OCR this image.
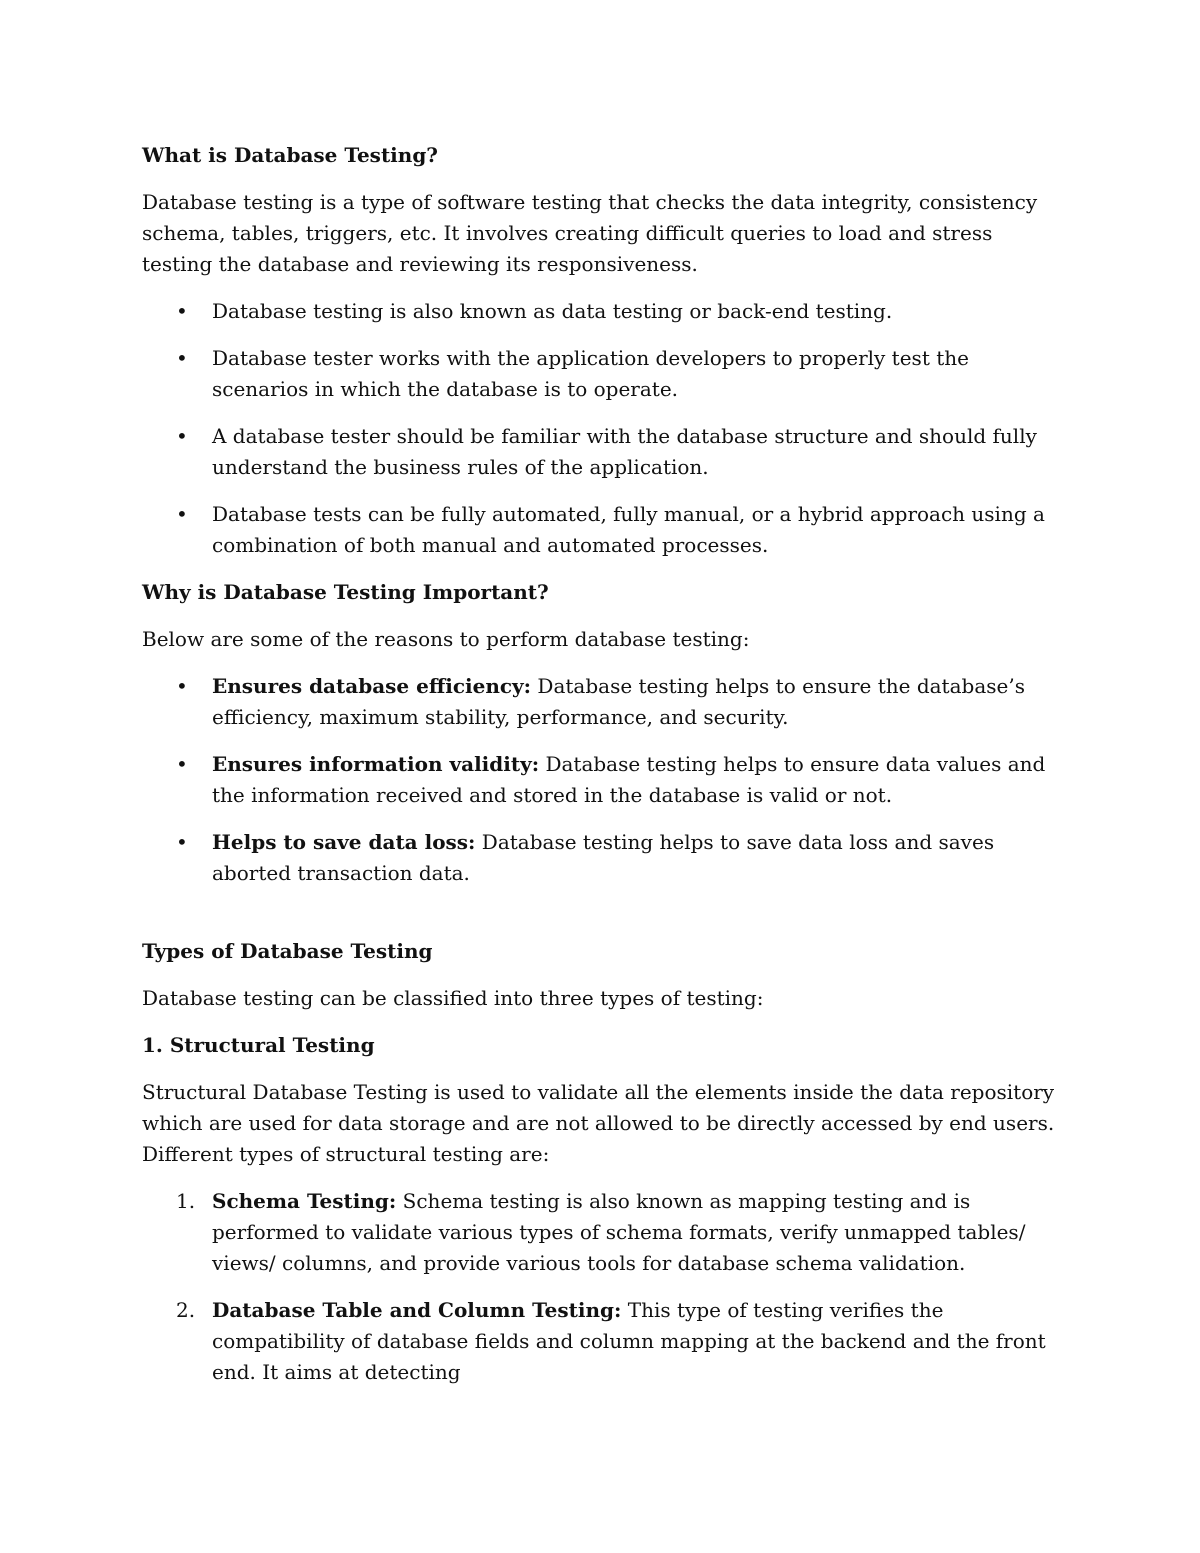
What is Database Testing?

Database testing is a type of software testing that checks the data integrity, consistency schema, tables, triggers, etc. It involves creating difficult queries to load and stress testing the database and reviewing its responsiveness.

• Database testing is also known as data testing or back-end testing.
• Database tester works with the application developers to properly test the scenarios in which the database is to operate.
• A database tester should be familiar with the database structure and should fully understand the business rules of the application.
• Database tests can be fully automated, fully manual, or a hybrid approach using a combination of both manual and automated processes.
Why is Database Testing Important?

Below are some of the reasons to perform database testing:

• Ensures database efficiency: Database testing helps to ensure the database’s efficiency, maximum stability, performance, and security.
• Ensures information validity: Database testing helps to ensure data values and the information received and stored in the database is valid or not.
• Helps to save data loss: Database testing helps to save data loss and saves aborted transaction data.
Types of Database Testing

Database testing can be classified into three types of testing:

1. Structural Testing

Structural Database Testing is used to validate all the elements inside the data repository which are used for data storage and are not allowed to be directly accessed by end users. Different types of structural testing are:

1. Schema Testing: Schema testing is also known as mapping testing and is performed to validate various types of schema formats, verify unmapped tables/ views/ columns, and provide various tools for database schema validation.
2. Database Table and Column Testing: This type of testing verifies the compatibility of database fields and column mapping at the backend and the front end. It aims at detecting
